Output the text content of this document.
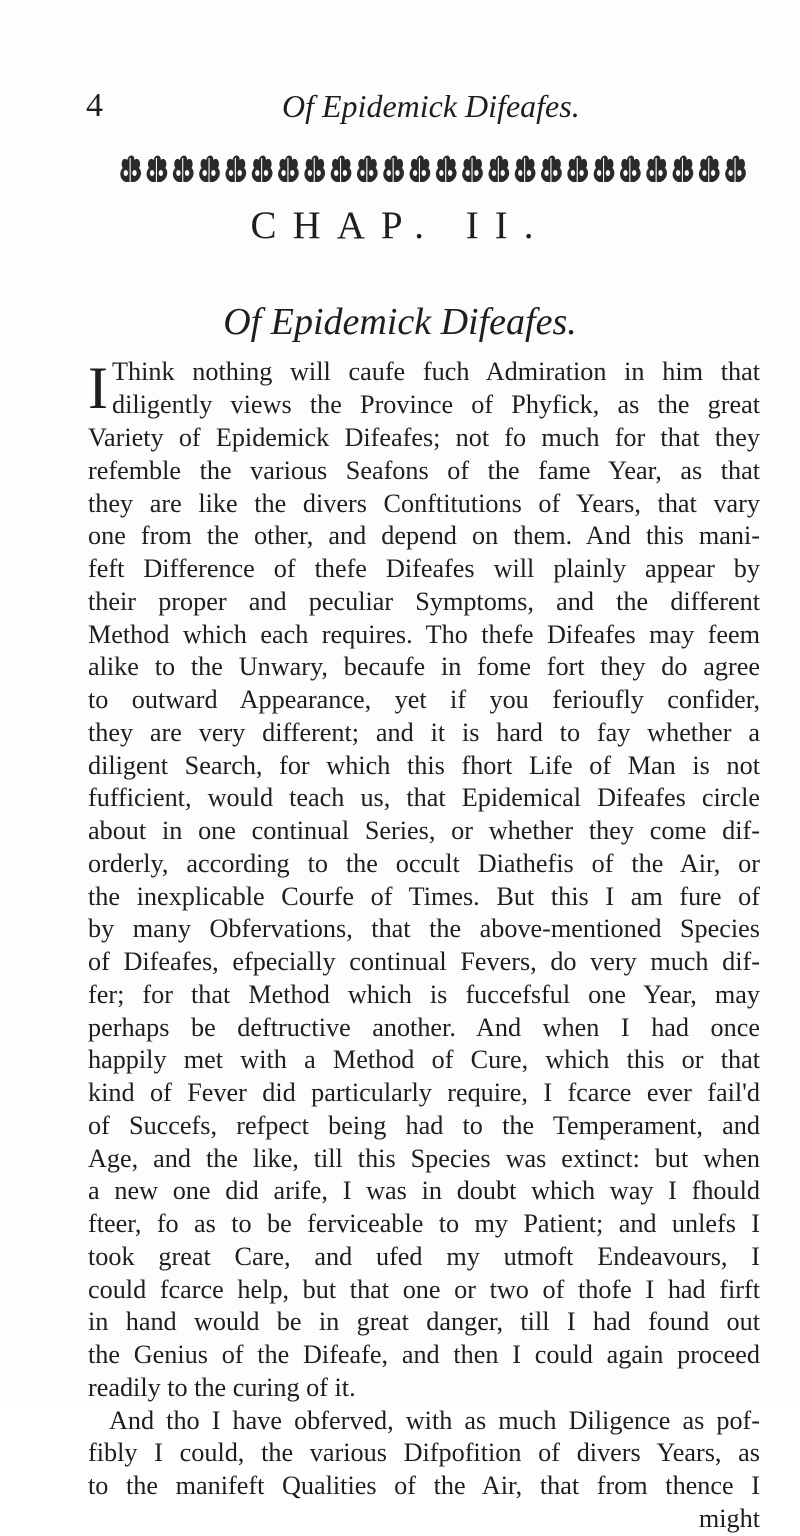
4	Of Epidemick Difeafes.
CHAP. II.
Of Epidemick Difeafes.
I Think nothing will caufe fuch Admiration in him that
diligently views the Province of Phyfick, as the great
Variety of Epidemick Difeafes; not fo much for that they
refemble the various Seafons of the fame Year, as that
they are like the divers Conftitutions of Years, that vary
one from the other, and depend on them. And this mani-
feft Difference of thefe Difeafes will plainly appear by
their proper and peculiar Symptoms, and the different
Method which each requires. Tho thefe Difeafes may feem
alike to the Unwary, becaufe in fome fort they do agree
to outward Appearance, yet if you ferioufly confider,
they are very different; and it is hard to fay whether a
diligent Search, for which this fhort Life of Man is not
fufficient, would teach us, that Epidemical Difeafes circle
about in one continual Series, or whether they come dif-
orderly, according to the occult Diathefis of the Air, or
the inexplicable Courfe of Times. But this I am fure of
by many Obfervations, that the above-mentioned Species
of Difeafes, efpecially continual Fevers, do very much dif-
fer; for that Method which is fuccefsful one Year, may
perhaps be deftructive another. And when I had once
happily met with a Method of Cure, which this or that
kind of Fever did particularly require, I fcarce ever fail'd
of Succefs, refpect being had to the Temperament, and
Age, and the like, till this Species was extinct: but when
a new one did arife, I was in doubt which way I fhould
fteer, fo as to be ferviceable to my Patient; and unlefs I
took great Care, and ufed my utmoft Endeavours, I
could fcarce help, but that one or two of thofe I had firft
in hand would be in great danger, till I had found out
the Genius of the Difeafe, and then I could again proceed
readily to the curing of it.
And tho I have obferved, with as much Diligence as pof-
fibly I could, the various Difpofition of divers Years, as
to the manifeft Qualities of the Air, that from thence I
might
